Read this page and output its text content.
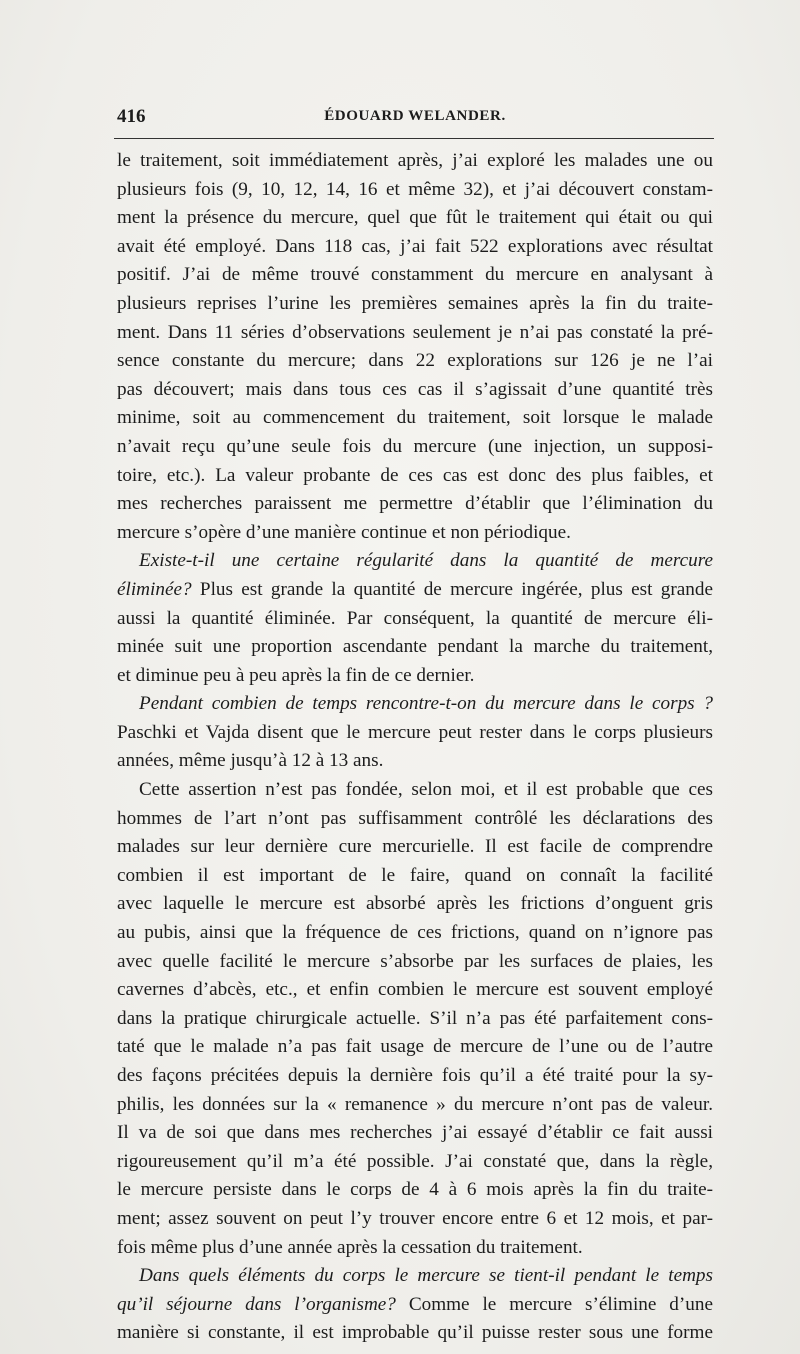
416	ÉDOUARD WELANDER.
le traitement, soit immédiatement après, j’ai exploré les malades une ou
plusieurs fois (9, 10, 12, 14, 16 et même 32), et j’ai découvert constam-
ment la présence du mercure, quel que fût le traitement qui était ou qui
avait été employé. Dans 118 cas, j’ai fait 522 explorations avec résultat
positif. J’ai de même trouvé constamment du mercure en analysant à
plusieurs reprises l’urine les premières semaines après la fin du traite-
ment. Dans 11 séries d’observations seulement je n’ai pas constaté la pré-
sence constante du mercure; dans 22 explorations sur 126 je ne l’ai
pas découvert; mais dans tous ces cas il s’agissait d’une quantité très
minime, soit au commencement du traitement, soit lorsque le malade
n’avait reçu qu’une seule fois du mercure (une injection, un supposi-
toire, etc.). La valeur probante de ces cas est donc des plus faibles, et
mes recherches paraissent me permettre d’établir que l’élimination du
mercure s’opère d’une manière continue et non périodique.
Existe-t-il une certaine régularité dans la quantité de mercure
éliminée? Plus est grande la quantité de mercure ingérée, plus est grande
aussi la quantité éliminée. Par conséquent, la quantité de mercure éli-
minée suit une proportion ascendante pendant la marche du traitement,
et diminue peu à peu après la fin de ce dernier.
Pendant combien de temps rencontre-t-on du mercure dans le corps ?
Paschki et Vajda disent que le mercure peut rester dans le corps plusieurs
années, même jusqu’à 12 à 13 ans.
Cette assertion n’est pas fondée, selon moi, et il est probable que ces
hommes de l’art n’ont pas suffisamment contrôlé les déclarations des
malades sur leur dernière cure mercurielle. Il est facile de comprendre
combien il est important de le faire, quand on connaît la facilité
avec laquelle le mercure est absorbé après les frictions d’onguent gris
au pubis, ainsi que la fréquence de ces frictions, quand on n’ignore pas
avec quelle facilité le mercure s’absorbe par les surfaces de plaies, les
cavernes d’abcès, etc., et enfin combien le mercure est souvent employé
dans la pratique chirurgicale actuelle. S’il n’a pas été parfaitement cons-
taté que le malade n’a pas fait usage de mercure de l’une ou de l’autre
des façons précitées depuis la dernière fois qu’il a été traité pour la sy-
philis, les données sur la « remanence » du mercure n’ont pas de valeur.
Il va de soi que dans mes recherches j’ai essayé d’établir ce fait aussi
rigoureusement qu’il m’a été possible. J’ai constaté que, dans la règle,
le mercure persiste dans le corps de 4 à 6 mois après la fin du traite-
ment; assez souvent on peut l’y trouver encore entre 6 et 12 mois, et par-
fois même plus d’une année après la cessation du traitement.
Dans quels éléments du corps le mercure se tient-il pendant le temps
qu’il séjourne dans l’organisme? Comme le mercure s’élimine d’une
manière si constante, il est improbable qu’il puisse rester sous une forme
